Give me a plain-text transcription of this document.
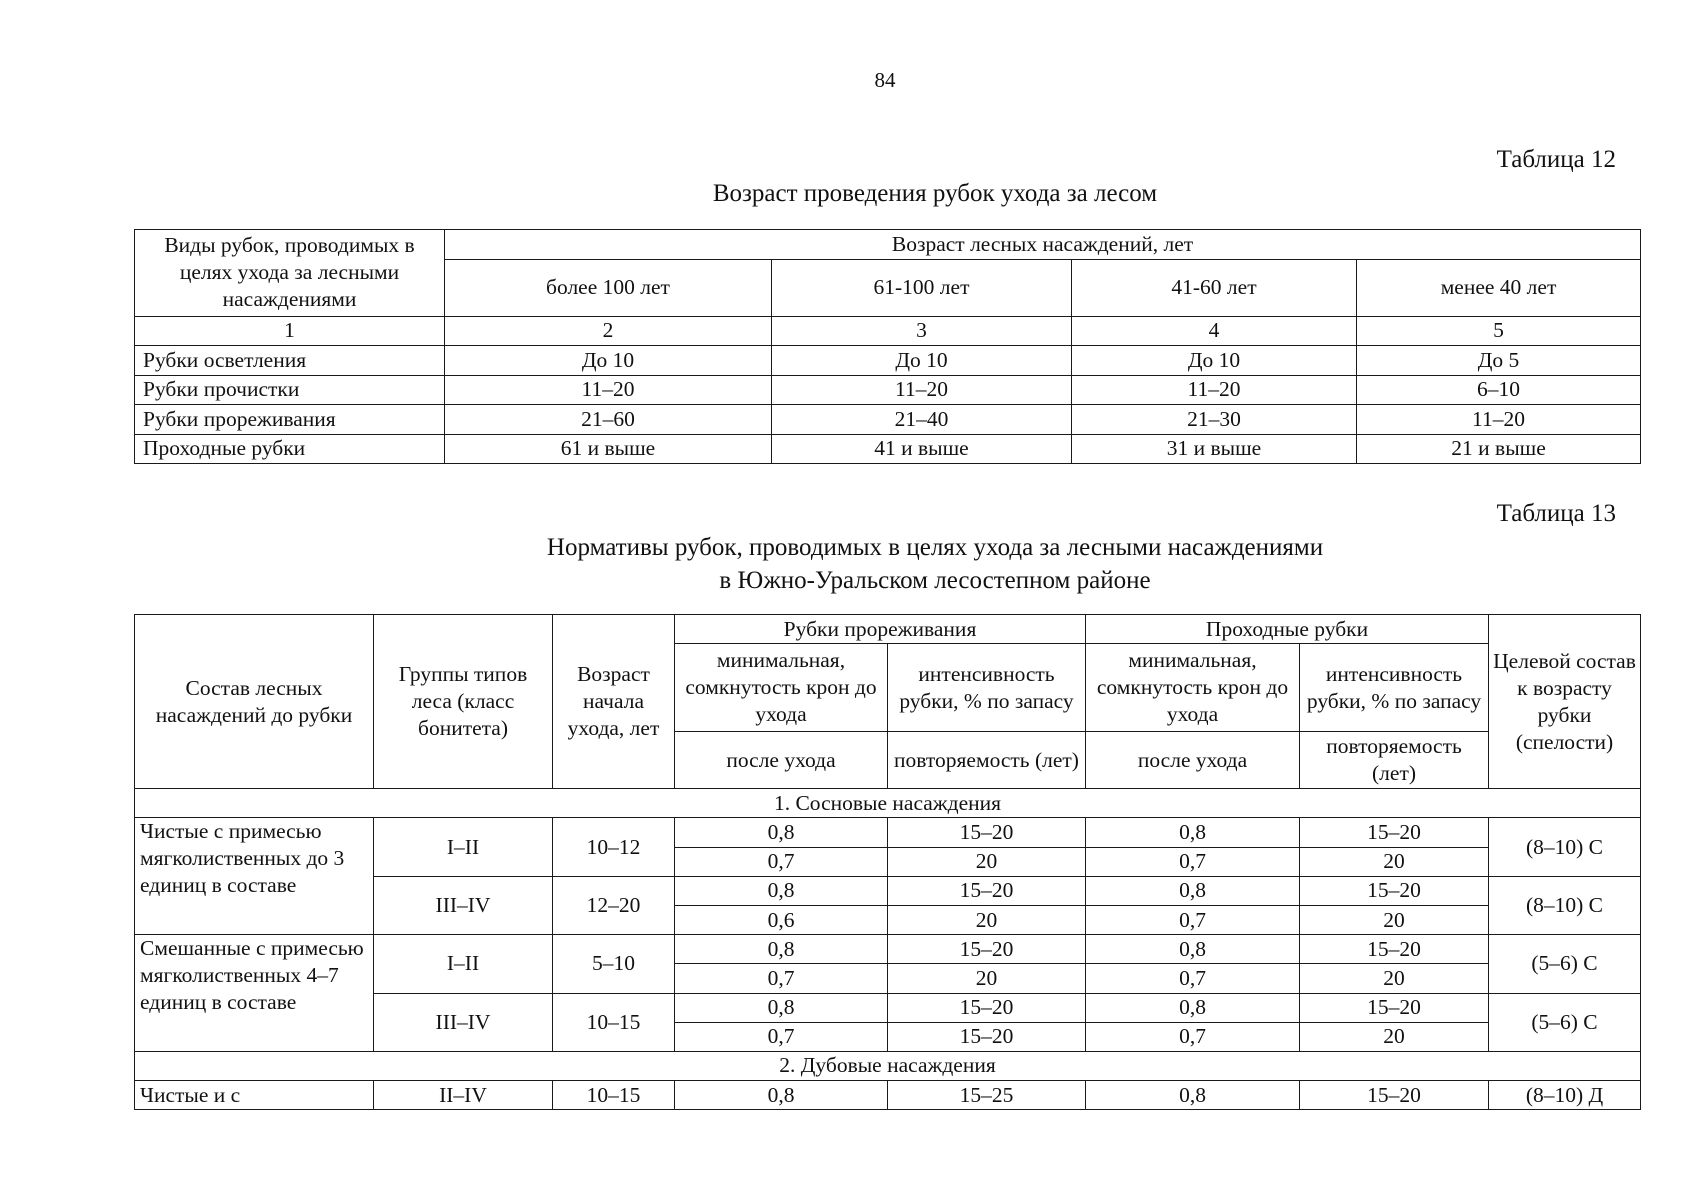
84
Таблица 12
Возраст проведения рубок ухода за лесом
Виды рубок, проводимых в целях ухода за лесными насаждениями	Возраст лесных насаждений, лет			
	более 100 лет	61-100 лет	41-60 лет	менее 40 лет
1	2	3	4	5
Рубки осветления	До 10	До 10	До 10	До 5
Рубки прочистки	11–20	11–20	11–20	6–10
Рубки прореживания	21–60	21–40	21–30	11–20
Проходные рубки	61 и выше	41 и выше	31 и выше	21 и выше
Таблица 13
Нормативы рубок, проводимых в целях ухода за лесными насаждениями
в Южно-Уральском лесостепном районе
Состав лесных насаждений до рубки	Группы типов леса (класс бонитета)	Возраст начала ухода, лет	Рубки прореживания		Проходные рубки		Целевой состав к возрасту рубки (спелости)
			минимальная, сомкнутость крон до ухода	интенсивность рубки, % по запасу	минимальная, сомкнутость крон до ухода	интенсивность рубки, % по запасу	
			после ухода	повторяемость (лет)	после ухода	повторяемость (лет)	
1. Сосновые насаждения							
Чистые с примесью мягколиственных до 3 единиц в составе	I–II	10–12	0,8	15–20	0,8	15–20	(8–10) С
			0,7	20	0,7	20	
	III–IV	12–20	0,8	15–20	0,8	15–20	(8–10) С
			0,6	20	0,7	20	
Смешанные с примесью мягколиственных 4–7 единиц в составе	I–II	5–10	0,8	15–20	0,8	15–20	(5–6) С
			0,7	20	0,7	20	
	III–IV	10–15	0,8	15–20	0,8	15–20	(5–6) С
			0,7	15–20	0,7	20	
2. Дубовые насаждения							
Чистые и с	II–IV	10–15	0,8	15–25	0,8	15–20	(8–10) Д
